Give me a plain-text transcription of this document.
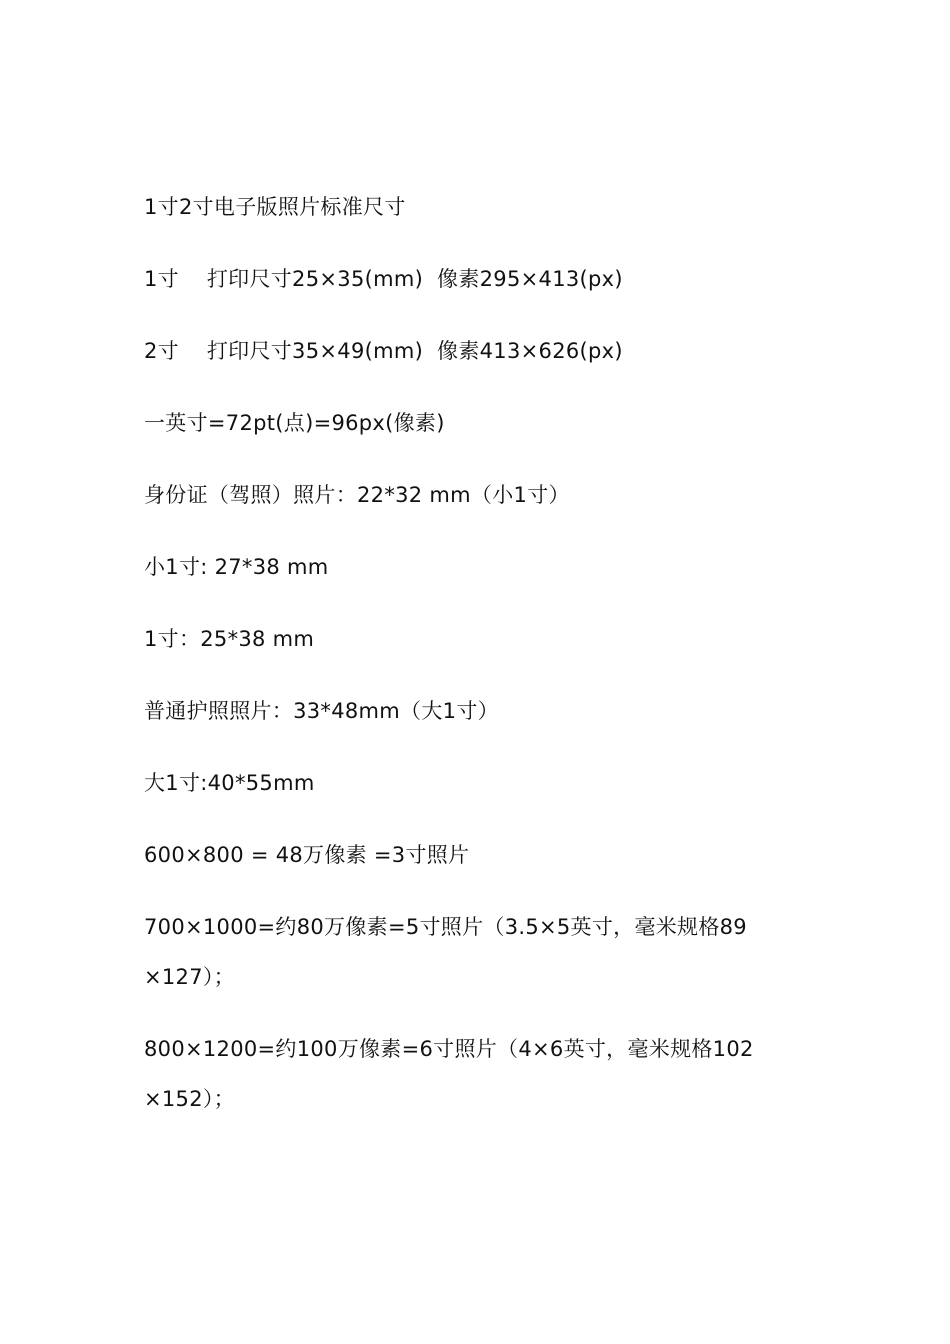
1寸2寸电子版照片标准尺寸
1寸    打印尺寸25×35(mm)  像素295×413(px)
2寸    打印尺寸35×49(mm)  像素413×626(px)
一英寸=72pt(点)=96px(像素)
身份证（驾照）照片：22*32 mm（小1寸）
小1寸: 27*38 mm
1寸：25*38 mm
普通护照照片：33*48mm（大1寸）
大1寸:40*55mm
600×800 = 48万像素 =3寸照片
700×1000=约80万像素=5寸照片（3.5×5英寸，毫米规格89
×127）；
800×1200=约100万像素=6寸照片（4×6英寸，毫米规格102
×152）；
